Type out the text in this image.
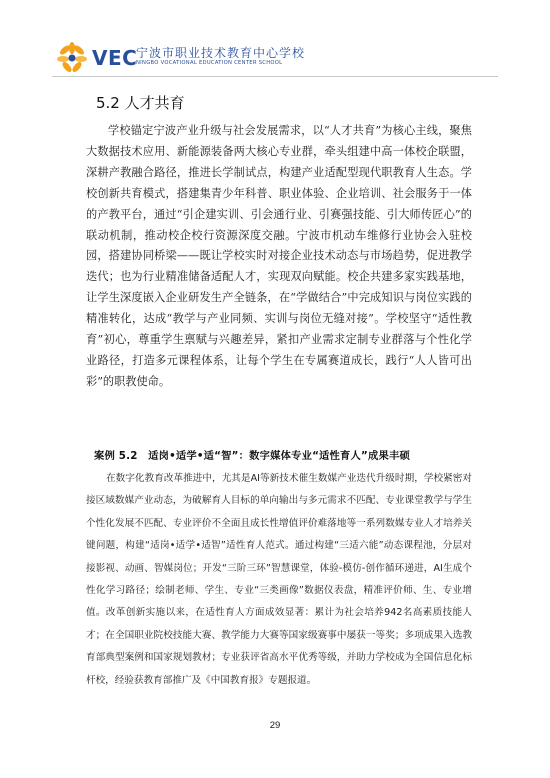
VEC
宁波市职业技术教育中心学校
NINGBO VOCATIONAL EDUCATION CENTER SCHOOL
5.2 人才共育
学校锚定宁波产业升级与社会发展需求，以“人才共育”为核心主线，聚焦大数据技术应用、新能源装备两大核心专业群，牵头组建中高一体校企联盟，深耕产教融合路径，推进长学制试点，构建产业适配型现代职教育人生态。学校创新共育模式，搭建集青少年科普、职业体验、企业培训、社会服务于一体的产教平台，通过“引企建实训、引会通行业、引赛强技能、引大师传匠心”的联动机制，推动校企校行资源深度交融。宁波市机动车维修行业协会入驻校园，搭建协同桥梁——既让学校实时对接企业技术动态与市场趋势，促进教学迭代；也为行业精准储备适配人才，实现双向赋能。校企共建多家实践基地，让学生深度嵌入企业研发生产全链条，在“学做结合”中完成知识与岗位实践的精准转化，达成“教学与产业同频、实训与岗位无缝对接”。学校坚守“适性教育”初心，尊重学生禀赋与兴趣差异，紧扣产业需求定制专业群落与个性化学业路径，打造多元课程体系，让每个学生在专属赛道成长，践行“人人皆可出彩”的职教使命。
案例 5.2　适岗•适学•适“智”：数字媒体专业“适性育人”成果丰硕
在数字化教育改革推进中，尤其是AI等新技术催生数媒产业迭代升级时期，学校紧密对接区域数媒产业动态，为破解育人目标的单向输出与多元需求不匹配、专业课堂教学与学生个性化发展不匹配、专业评价不全面且成长性增值评价难落地等一系列数媒专业人才培养关键问题，构建“适岗•适学•适智”适性育人范式。通过构建“三适六能”动态课程池，分层对接影视、动画、智媒岗位；开发“三阶三环”智慧课堂，体验-模仿-创作循环递进，AI生成个性化学习路径；绘制老师、学生、专业“三类画像”数据仪表盘，精准评价师、生、专业增值。改革创新实施以来，在适性育人方面成效显著：累计为社会培养942名高素质技能人才；在全国职业院校技能大赛、教学能力大赛等国家级赛事中屡获一等奖；多项成果入选教育部典型案例和国家规划教材；专业获评省高水平优秀等级，并助力学校成为全国信息化标杆校，经验获教育部推广及《中国教育报》专题报道。
29
